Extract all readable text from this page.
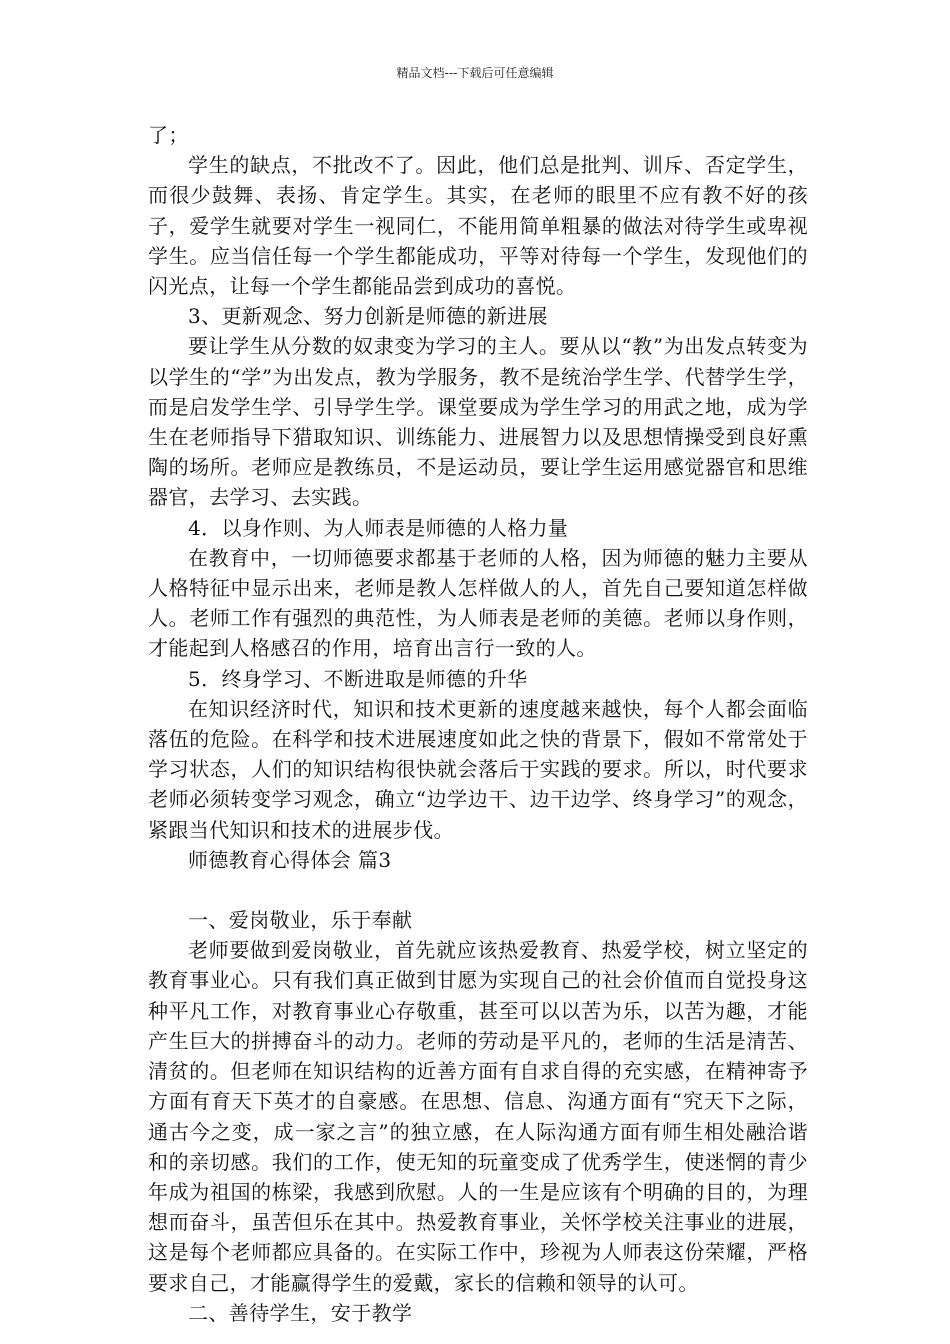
精品文档---下载后可任意编辑

了；

学生的缺点，不批改不了。因此，他们总是批判、训斥、否定学生，而很少鼓舞、表扬、肯定学生。其实，在老师的眼里不应有教不好的孩子，爱学生就要对学生一视同仁，不能用简单粗暴的做法对待学生或卑视学生。应当信任每一个学生都能成功，平等对待每一个学生，发现他们的闪光点，让每一个学生都能品尝到成功的喜悦。

3、更新观念、努力创新是师德的新进展

要让学生从分数的奴隶变为学习的主人。要从以“教”为出发点转变为以学生的“学”为出发点，教为学服务，教不是统治学生学、代替学生学，而是启发学生学、引导学生学。课堂要成为学生学习的用武之地，成为学生在老师指导下猎取知识、训练能力、进展智力以及思想情操受到良好熏陶的场所。老师应是教练员，不是运动员，要让学生运用感觉器官和思维器官，去学习、去实践。

4．以身作则、为人师表是师德的人格力量

在教育中，一切师德要求都基于老师的人格，因为师德的魅力主要从人格特征中显示出来，老师是教人怎样做人的人，首先自己要知道怎样做人。老师工作有强烈的典范性，为人师表是老师的美德。老师以身作则，才能起到人格感召的作用，培育出言行一致的人。

5．终身学习、不断进取是师德的升华

在知识经济时代，知识和技术更新的速度越来越快，每个人都会面临落伍的危险。在科学和技术进展速度如此之快的背景下，假如不常常处于学习状态，人们的知识结构很快就会落后于实践的要求。所以，时代要求老师必须转变学习观念，确立“边学边干、边干边学、终身学习”的观念，紧跟当代知识和技术的进展步伐。

师德教育心得体会 篇3

一、爱岗敬业，乐于奉献

老师要做到爱岗敬业，首先就应该热爱教育、热爱学校，树立坚定的教育事业心。只有我们真正做到甘愿为实现自己的社会价值而自觉投身这种平凡工作，对教育事业心存敬重，甚至可以以苦为乐，以苦为趣，才能产生巨大的拼搏奋斗的动力。老师的劳动是平凡的，老师的生活是清苦、清贫的。但老师在知识结构的近善方面有自求自得的充实感，在精神寄予方面有育天下英才的自豪感。在思想、信息、沟通方面有“究天下之际，通古今之变，成一家之言”的独立感，在人际沟通方面有师生相处融洽谐和的亲切感。我们的工作，使无知的玩童变成了优秀学生，使迷惘的青少年成为祖国的栋梁，我感到欣慰。人的一生是应该有个明确的目的，为理想而奋斗，虽苦但乐在其中。热爱教育事业，关怀学校关注事业的进展，这是每个老师都应具备的。在实际工作中，珍视为人师表这份荣耀，严格要求自己，才能赢得学生的爱戴，家长的信赖和领导的认可。

二、善待学生，安于教学
